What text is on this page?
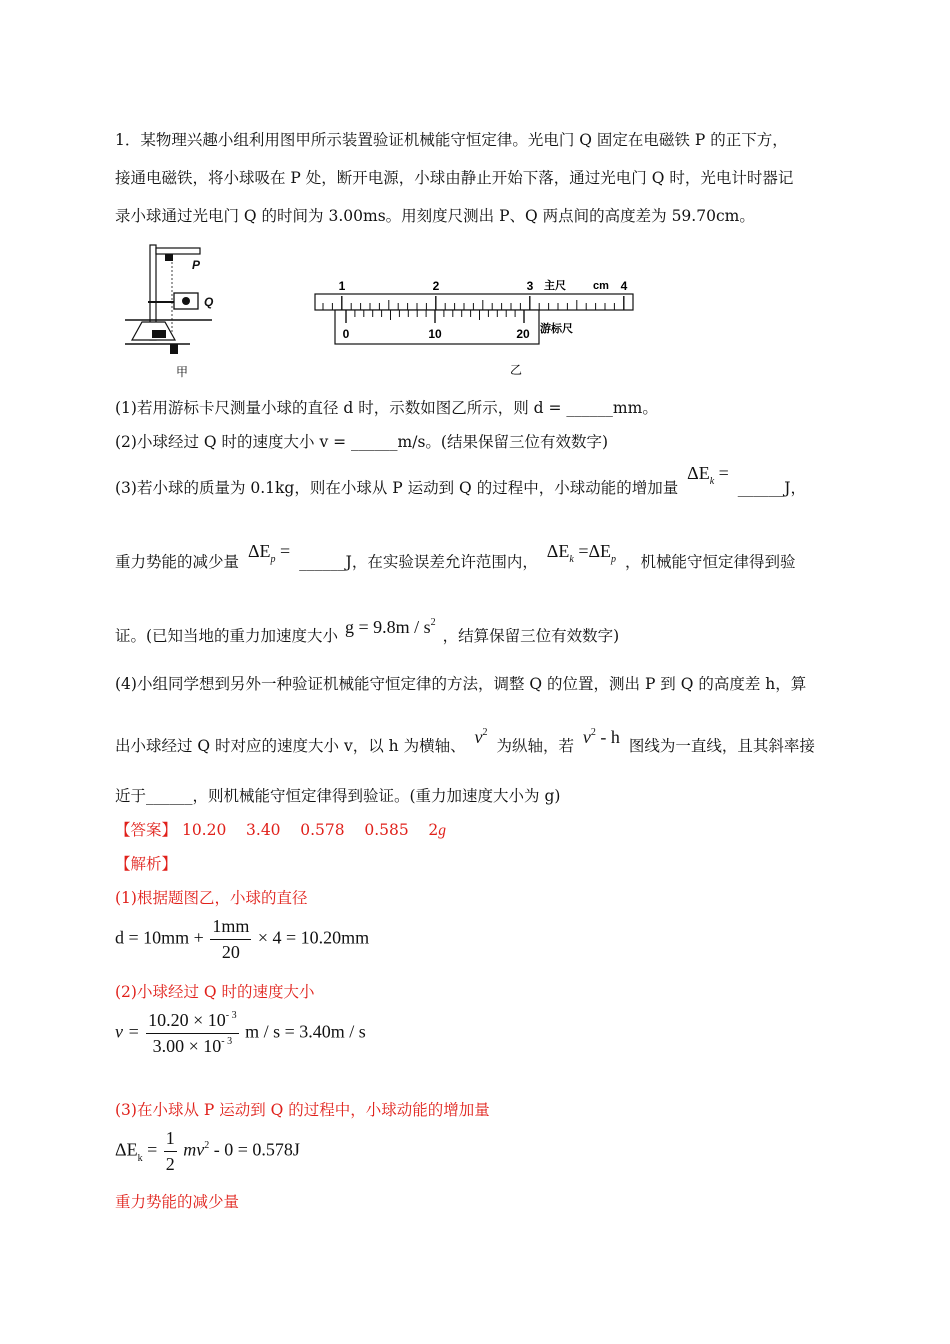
1．某物理兴趣小组利用图甲所示装置验证机械能守恒定律。光电门 Q 固定在电磁铁 P 的正下方，
接通电磁铁，将小球吸在 P 处，断开电源，小球由静止开始下落，通过光电门 Q 时，光电计时器记
录小球通过光电门 Q 的时间为 3.00ms。用刻度尺测出 P、Q 两点间的高度差为 59.70cm。
P
Q
甲
1	2	3 主尺 cm 4
0	10	20 游标尺
乙
(1)若用游标卡尺测量小球的直径 d 时，示数如图乙所示，则 d = ______mm。
(2)小球经过 Q 时的速度大小 v = ______m/s。(结果保留三位有效数字)
(3)若小球的质量为 0.1kg，则在小球从 P 运动到 Q 的过程中，小球动能的增加量 $\Delta E_k$ = ______J，
重力势能的减少量 $\Delta E_p$ = ______J，在实验误差允许范围内， $\Delta E_k =\Delta E_p$ ，机械能守恒定律得到验
证。(已知当地的重力加速度大小 $g = 9.8m / s^2$ ，结算保留三位有效数字)
(4)小组同学想到另外一种验证机械能守恒定律的方法，调整 Q 的位置，测出 P 到 Q 的高度差 h，算
出小球经过 Q 时对应的速度大小 v，以 h 为横轴、 $v^2$ 为纵轴，若 $v^2$ - h 图线为一直线，且其斜率接
近于______，则机械能守恒定律得到验证。(重力加速度大小为 g)
【答案】 10.20    3.40    0.578    0.585    2g
【解析】
(1)根据题图乙，小球的直径
$d = 10mm + \frac{1mm}{20} \times 4 = 10.20mm$
(2)小球经过 Q 时的速度大小
$v = \frac{10.20 \times 10^{- 3}}{3.00 \times 10^{- 3}}$ m / s = 3.40m / s
(3)在小球从 P 运动到 Q 的过程中，小球动能的增加量
$\Delta E_k = \frac{1}{2} mv^2 - 0 = 0.578J$
重力势能的减少量
